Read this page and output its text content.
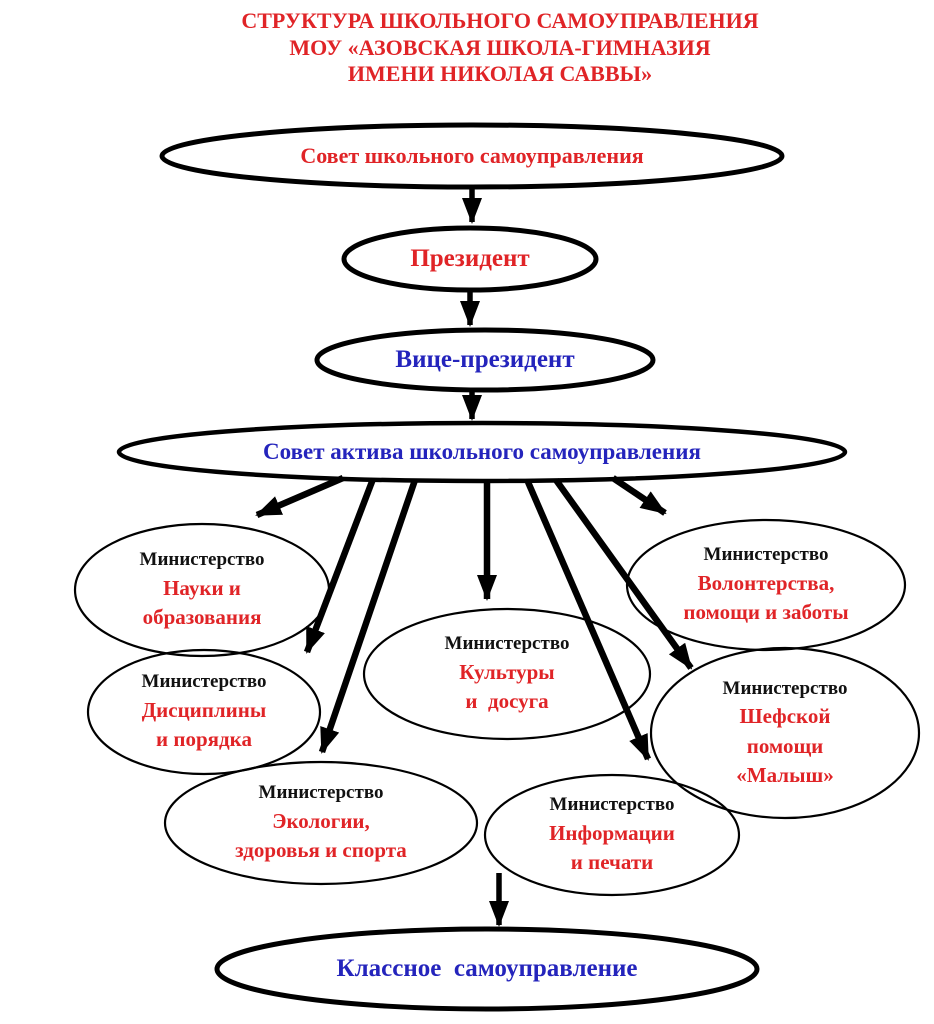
СТРУКТУРА ШКОЛЬНОГО САМОУПРАВЛЕНИЯ
МОУ «АЗОВСКАЯ ШКОЛА-ГИМНАЗИЯ
ИМЕНИ НИКОЛАЯ САВВЫ»
Совет школьного самоуправления
Президент
Вице-президент
Совет актива школьного самоуправления
Классное  самоуправление
Министерство
Науки и
образования
Министерство
Дисциплины
и порядка
Министерство
Экологии,
здоровья и спорта
Министерство
Культуры
и  досуга
Министерство
Волонтерства,
помощи и заботы
Министерство
Шефской
помощи
«Малыш»
Министерство
Информации
и печати
